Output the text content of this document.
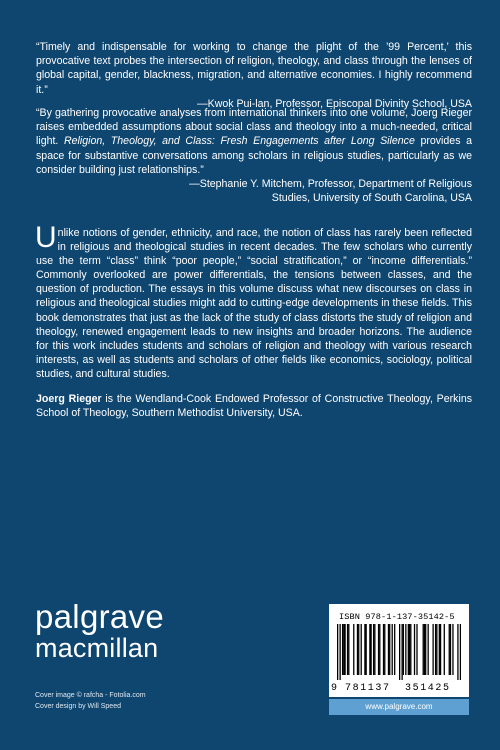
“Timely and indispensable for working to change the plight of the ’99 Percent,’ this provocative text probes the intersection of religion, theology, and class through the lenses of global capital, gender, blackness, migration, and alternative economies. I highly recommend it.”
—Kwok Pui-lan, Professor, Episcopal Divinity School, USA
“By gathering provocative analyses from international thinkers into one volume, Joerg Rieger raises embedded assumptions about social class and theology into a much-needed, critical light. Religion, Theology, and Class: Fresh Engagements after Long Silence provides a space for substantive conversations among scholars in religious studies, particularly as we consider building just relationships.”
—Stephanie Y. Mitchem, Professor, Department of Religious
Studies, University of South Carolina, USA
Unlike notions of gender, ethnicity, and race, the notion of class has rarely been reflected in religious and theological studies in recent decades. The few scholars who currently use the term “class” think “poor people,” “social stratification,” or “income differentials.” Commonly overlooked are power differentials, the tensions between classes, and the question of production. The essays in this volume discuss what new discourses on class in religious and theological studies might add to cutting-edge developments in these fields. This book demonstrates that just as the lack of the study of class distorts the study of religion and theology, renewed engagement leads to new insights and broader horizons. The audience for this work includes students and scholars of religion and theology with various research interests, as well as students and scholars of other fields like economics, sociology, political studies, and cultural studies.
Joerg Rieger is the Wendland-Cook Endowed Professor of Constructive Theology, Perkins School of Theology, Southern Methodist University, USA.
palgrave
macmillan
Cover image © rafcha - Fotolia.com
Cover design by Will Speed
ISBN 978-1-137-35142-5
9 781137 351425
www.palgrave.com
